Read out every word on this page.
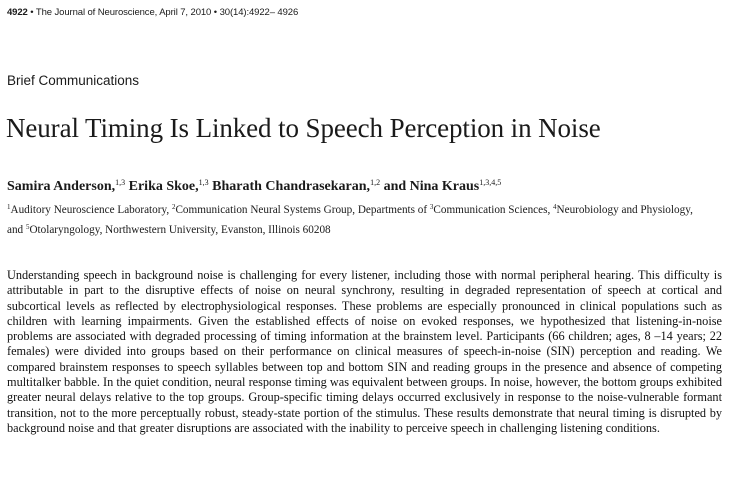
4922 • The Journal of Neuroscience, April 7, 2010 • 30(14):4922– 4926
Brief Communications
Neural Timing Is Linked to Speech Perception in Noise
Samira Anderson,$^{1,3}$ Erika Skoe,$^{1,3}$ Bharath Chandrasekaran,$^{1,2}$ and Nina Kraus$^{1,3,4,5}$
$^1$Auditory Neuroscience Laboratory, $^2$Communication Neural Systems Group, Departments of $^3$Communication Sciences, $^4$Neurobiology and Physiology,
and $^5$Otolaryngology, Northwestern University, Evanston, Illinois 60208

Understanding speech in background noise is challenging for every listener, including those with normal peripheral hearing. This difficulty is attributable in part to the disruptive effects of noise on neural synchrony, resulting in degraded representation of speech at cortical and subcortical levels as reflected by electrophysiological responses. These problems are especially pronounced in clinical populations such as children with learning impairments. Given the established effects of noise on evoked responses, we hypothesized that listening-in-noise problems are associated with degraded processing of timing information at the brainstem level. Participants (66 children; ages, 8 –14 years; 22 females) were divided into groups based on their performance on clinical measures of speech-in-noise (SIN) perception and reading. We compared brainstem responses to speech syllables between top and bottom SIN and reading groups in the presence and absence of competing multitalker babble. In the quiet condition, neural response timing was equivalent between groups. In noise, however, the bottom groups exhibited greater neural delays relative to the top groups. Group-specific timing delays occurred exclusively in response to the noise-vulnerable formant transition, not to the more perceptually robust, steady-state portion of the stimulus. These results demonstrate that neural timing is disrupted by background noise and that greater disruptions are associated with the inability to perceive speech in challenging listening conditions.
